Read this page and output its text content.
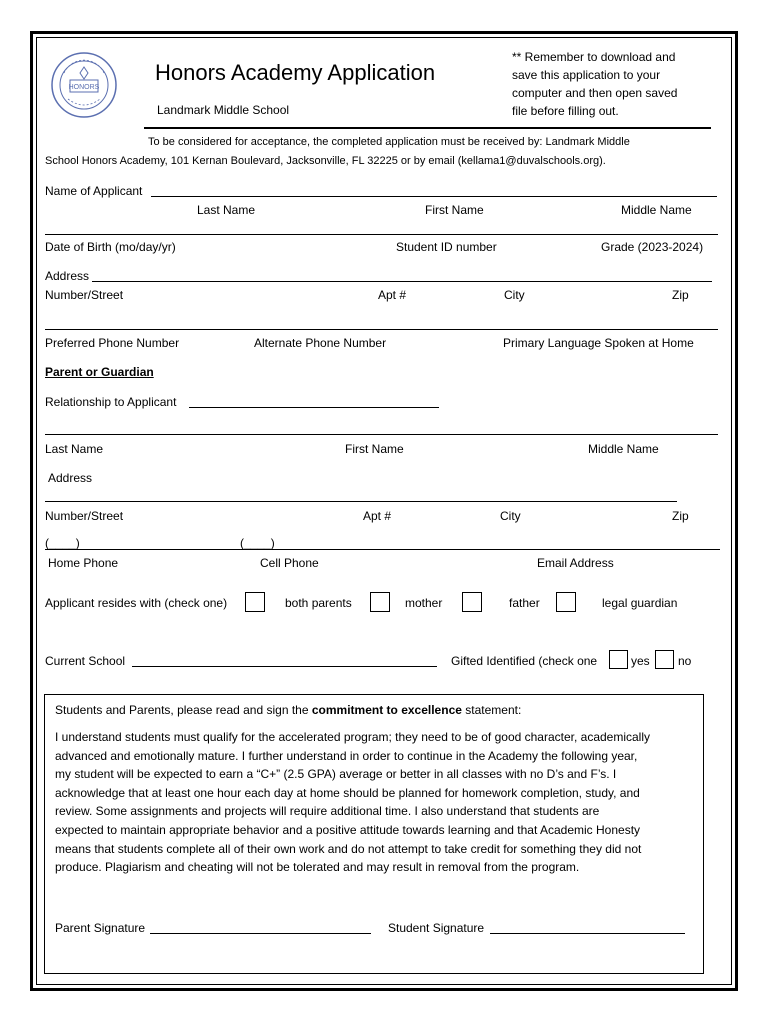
HONORS
Honors Academy Application
Landmark Middle School
** Remember to download and
save this application to your
computer and then open saved
file before filling out.
To be considered for acceptance, the completed application must be received by: Landmark Middle
School Honors Academy, 101 Kernan Boulevard, Jacksonville, FL 32225 or by email (kellama1@duvalschools.org).
Name of Applicant
Last Name	First Name	Middle Name
Date of Birth (mo/day/yr)	Student ID number	Grade (2023-2024)
Address
Number/Street	Apt #	City	Zip
Preferred Phone Number	Alternate Phone Number	Primary Language Spoken at Home
Parent or Guardian
Relationship to Applicant
Last Name	First Name	Middle Name
Address
Number/Street	Apt #	City	Zip
(____)	(____)
Home Phone	Cell Phone	Email Address
Applicant resides with (check one)	both parents	mother	father	legal guardian
Current School	Gifted Identified (check one	yes no
Students and Parents, please read and sign the commitment to excellence statement:

I understand students must qualify for the accelerated program; they need to be of good character, academically

advanced and emotionally mature. I further understand in order to continue in the Academy the following year,

my student will be expected to earn a “C+” (2.5 GPA) average or better in all classes with no D’s and F’s. I

acknowledge that at least one hour each day at home should be planned for homework completion, study, and

review. Some assignments and projects will require additional time. I also understand that students are

expected to maintain appropriate behavior and a positive attitude towards learning and that Academic Honesty

means that students complete all of their own work and do not attempt to take credit for something they did not

produce. Plagiarism and cheating will not be tolerated and may result in removal from the program.

Parent Signature	Student Signature
